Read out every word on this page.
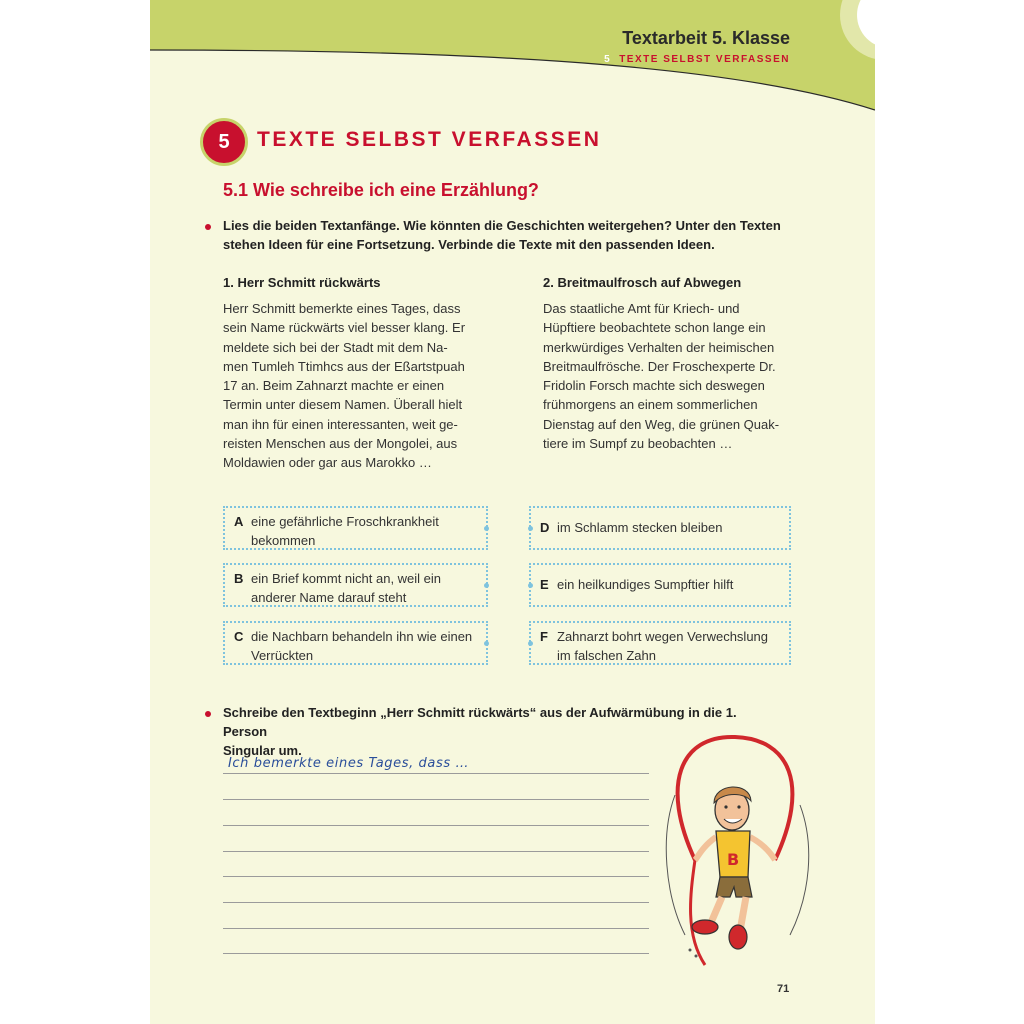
Textarbeit 5. Klasse
5 TEXTE SELBST VERFASSEN
5	TEXTE SELBST VERFASSEN
5.1 Wie schreibe ich eine Erzählung?
Lies die beiden Textanfänge. Wie könnten die Geschichten weitergehen? Unter den Texten
stehen Ideen für eine Fortsetzung. Verbinde die Texte mit den passenden Ideen.
1. Herr Schmitt rückwärts
Herr Schmitt bemerkte eines Tages, dass
sein Name rückwärts viel besser klang. Er
meldete sich bei der Stadt mit dem Na-
men Tumleh Ttimhcs aus der Eßartstpuah
17 an. Beim Zahnarzt machte er einen
Termin unter diesem Namen. Überall hielt
man ihn für einen interessanten, weit ge-
reisten Menschen aus der Mongolei, aus
Moldawien oder gar aus Marokko …
2. Breitmaulfrosch auf Abwegen
Das staatliche Amt für Kriech- und
Hüpftiere beobachtete schon lange ein
merkwürdiges Verhalten der heimischen
Breitmaulfrösche. Der Froschexperte Dr.
Fridolin Forsch machte sich deswegen
frühmorgens an einem sommerlichen
Dienstag auf den Weg, die grünen Quak-
tiere im Sumpf zu beobachten …
A eine gefährliche Froschkrankheit
bekommen
B ein Brief kommt nicht an, weil ein
anderer Name darauf steht
C die Nachbarn behandeln ihn wie einen
Verrückten
D im Schlamm stecken bleiben
E ein heilkundiges Sumpftier hilft
F Zahnarzt bohrt wegen Verwechslung
im falschen Zahn
Schreibe den Textbeginn „Herr Schmitt rückwärts“ aus der Aufwärmübung in die 1. Person
Singular um.
Ich bemerkte eines Tages, dass …
B
71
